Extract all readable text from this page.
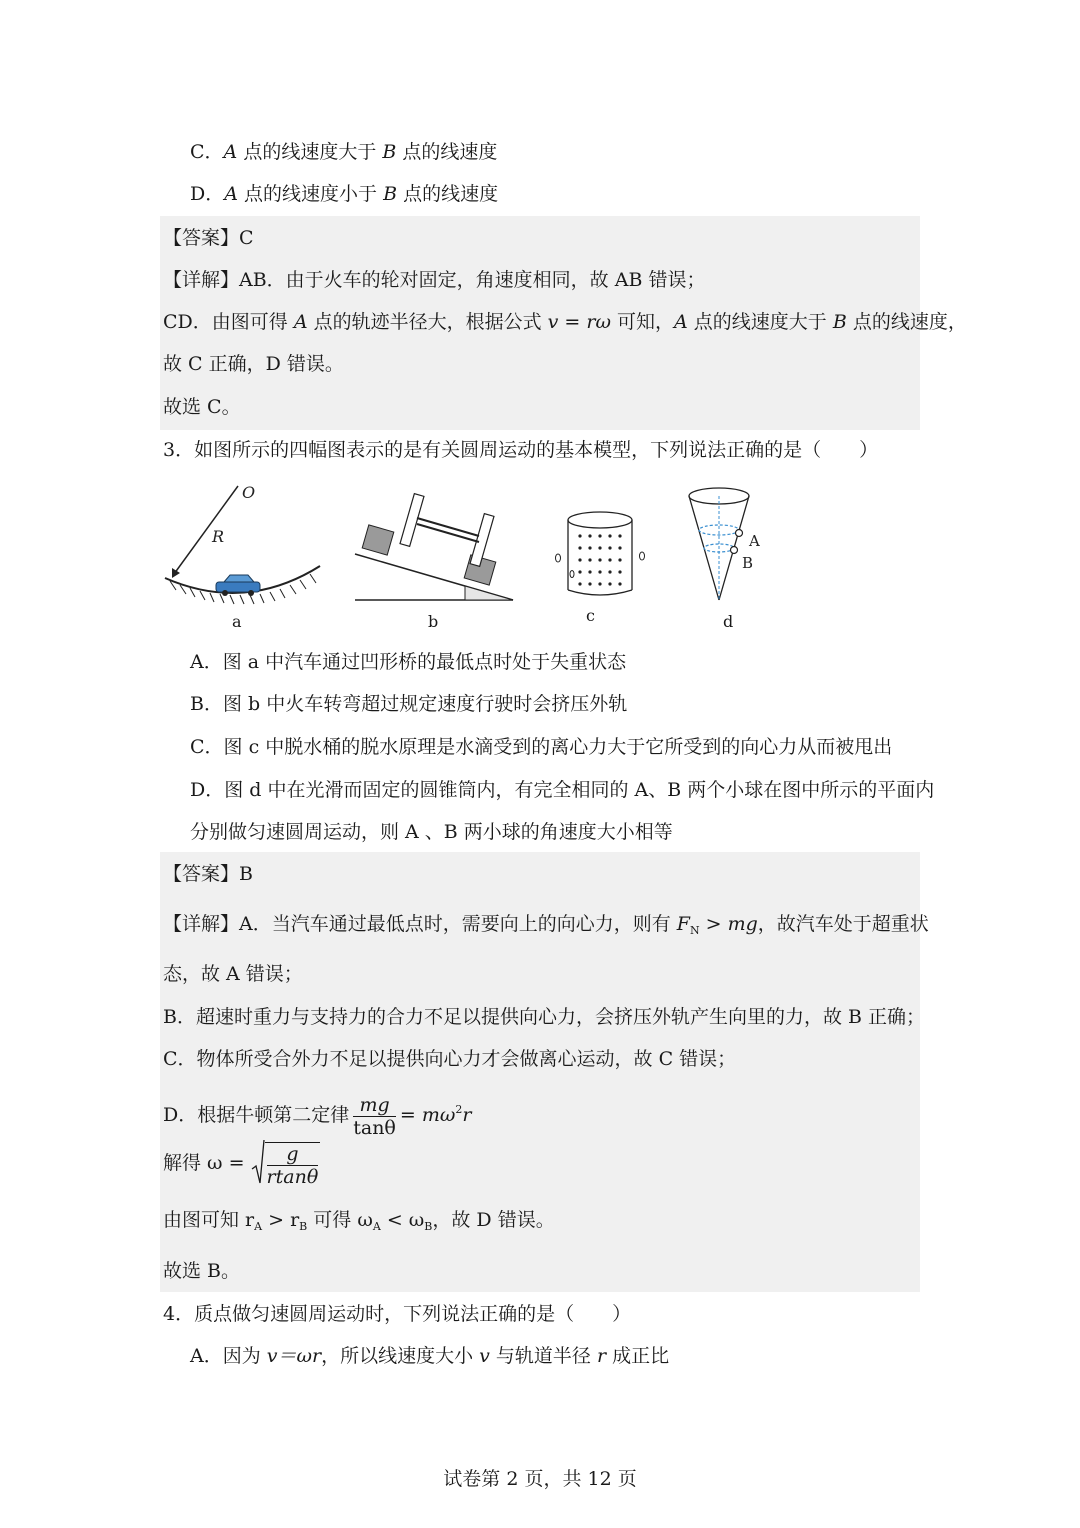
C．A 点的线速度大于 B 点的线速度
D．A 点的线速度小于 B 点的线速度
【答案】C
【详解】AB．由于火车的轮对固定，角速度相同，故 AB 错误；
CD．由图可得 A 点的轨迹半径大，根据公式 v = rω 可知，A 点的线速度大于 B 点的线速度，
故 C 正确，D 错误。
故选 C。
3．如图所示的四幅图表示的是有关圆周运动的基本模型，下列说法正确的是（　　）
O
R	A
B
a	b	c	d
A．图 a 中汽车通过凹形桥的最低点时处于失重状态
B．图 b 中火车转弯超过规定速度行驶时会挤压外轨
C．图 c 中脱水桶的脱水原理是水滴受到的离心力大于它所受到的向心力从而被甩出
D．图 d 中在光滑而固定的圆锥筒内，有完全相同的 A、B 两个小球在图中所示的平面内
分别做匀速圆周运动，则 A 、B 两小球的角速度大小相等
【答案】B
【详解】A．当汽车通过最低点时，需要向上的向心力，则有 $F_N$ > mg，故汽车处于超重状
态，故 A 错误；
B．超速时重力与支持力的合力不足以提供向心力，会挤压外轨产生向里的力，故 B 正确；
C．物体所受合外力不足以提供向心力才会做离心运动，故 C 错误；
D．根据牛顿第二定律 $\frac{mg}{\tan\theta} = m\omega^2r$
解得 $\omega = \frac{g}{rtan\theta}$
由图可知 $r_A > r_B$ 可得 $\omega_A < \omega_B$，故 D 错误。
故选 B。
4．质点做匀速圆周运动时，下列说法正确的是（　　）
A．因为 v＝ωr，所以线速度大小 v 与轨道半径 r 成正比
试卷第 2 页，共 12 页
